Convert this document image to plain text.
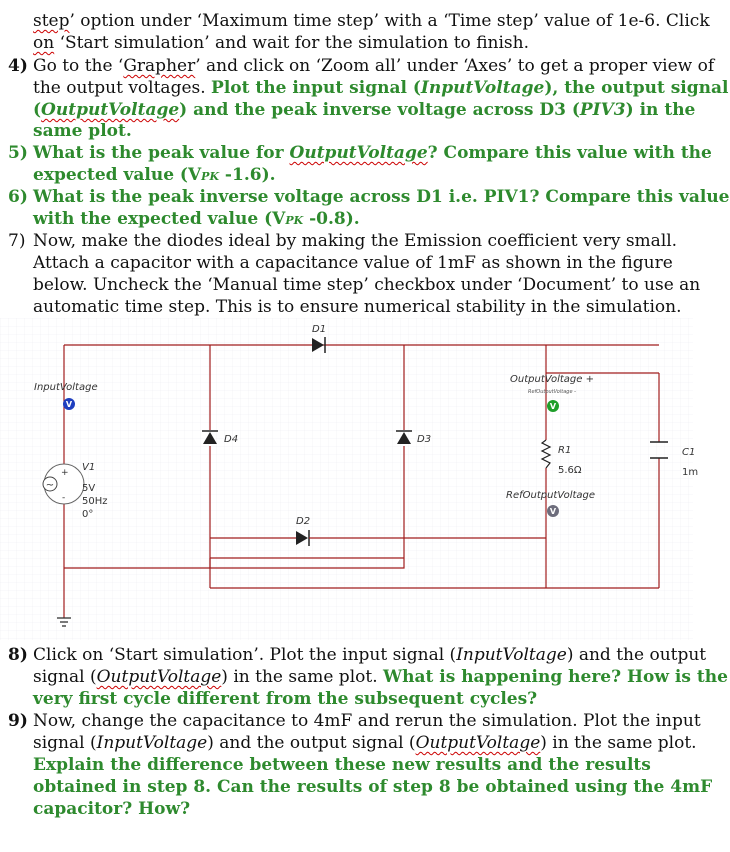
step’ option under ‘Maximum time step’ with a ‘Time step’ value of 1e-6. Click
on ‘Start simulation’ and wait for the simulation to finish.
4) Go to the ‘Grapher’ and click on ‘Zoom all’ under ‘Axes’ to get a proper view of
the output voltages. Plot the input signal (InputVoltage), the output signal
(OutputVoltage) and the peak inverse voltage across D3 (PIV3) in the
same plot.
5) What is the peak value for OutputVoltage? Compare this value with the
expected value (VPK -1.6).
6) What is the peak inverse voltage across D1 i.e. PIV1? Compare this value
with the expected value (VPK -0.8).
7) Now, make the diodes ideal by making the Emission coefficient very small.
Attach a capacitor with a capacitance value of 1mF as shown in the figure
below. Uncheck the ‘Manual time step’ checkbox under ‘Document’ to use an
automatic time step. This is to ensure numerical stability in the simulation.
D1
D4	D3
D2
InputVoltage
V
OutputVoltage +
RefOutputVoltage -
V
R1
5.6Ω
RefOutputVoltage
V
C1
1m
~
+
-
V1
5V
50Hz
0°
8) Click on ‘Start simulation’. Plot the input signal (InputVoltage) and the output
signal (OutputVoltage) in the same plot. What is happening here? How is the
very first cycle different from the subsequent cycles?
9) Now, change the capacitance to 4mF and rerun the simulation. Plot the input
signal (InputVoltage) and the output signal (OutputVoltage) in the same plot.
Explain the difference between these new results and the results
obtained in step 8. Can the results of step 8 be obtained using the 4mF
capacitor? How?
